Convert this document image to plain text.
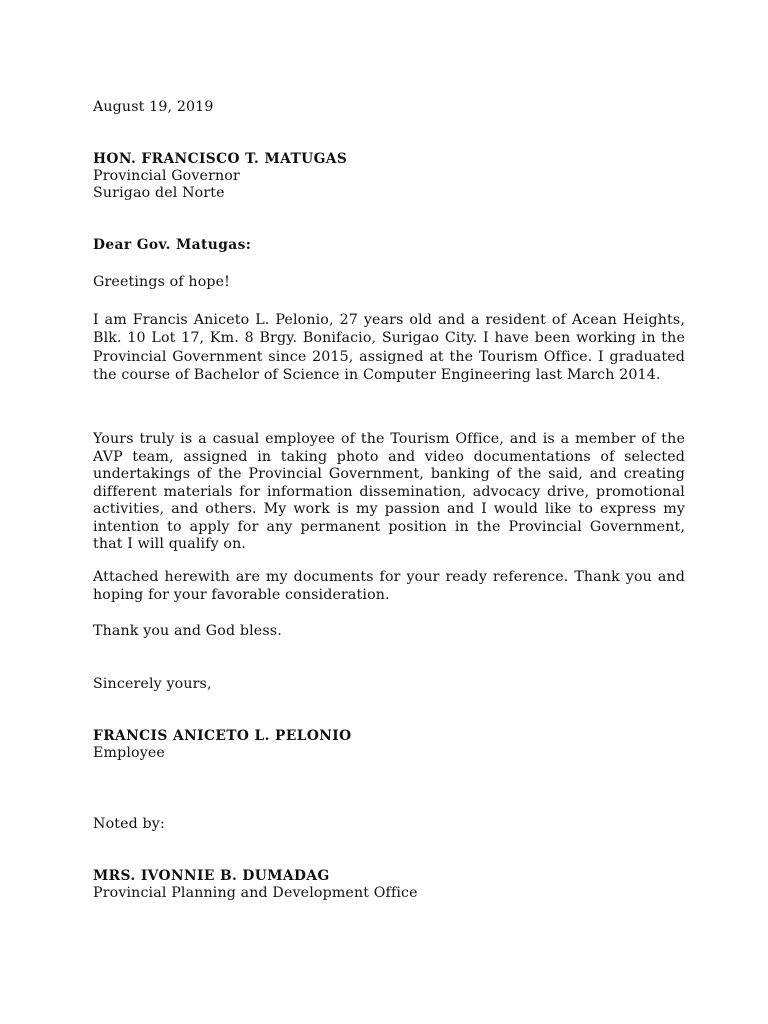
August 19, 2019
HON. FRANCISCO T. MATUGAS
Provincial Governor
Surigao del Norte
Dear Gov. Matugas:
Greetings of hope!
I am Francis Aniceto L. Pelonio, 27 years old and a resident of Acean Heights, Blk. 10 Lot 17, Km. 8 Brgy. Bonifacio, Surigao City. I have been working in the Provincial Government since 2015, assigned at the Tourism Office. I graduated the course of Bachelor of Science in Computer Engineering last March 2014.
Yours truly is a casual employee of the Tourism Office, and is a member of the AVP team, assigned in taking photo and video documentations of selected undertakings of the Provincial Government, banking of the said, and creating different materials for information dissemination, advocacy drive, promotional activities, and others. My work is my passion and I would like to express my intention to apply for any permanent position in the Provincial Government, that I will qualify on.
Attached herewith are my documents for your ready reference. Thank you and hoping for your favorable consideration.
Thank you and God bless.
Sincerely yours,
FRANCIS ANICETO L. PELONIO
Employee
Noted by:
MRS. IVONNIE B. DUMADAG
Provincial Planning and Development Office
